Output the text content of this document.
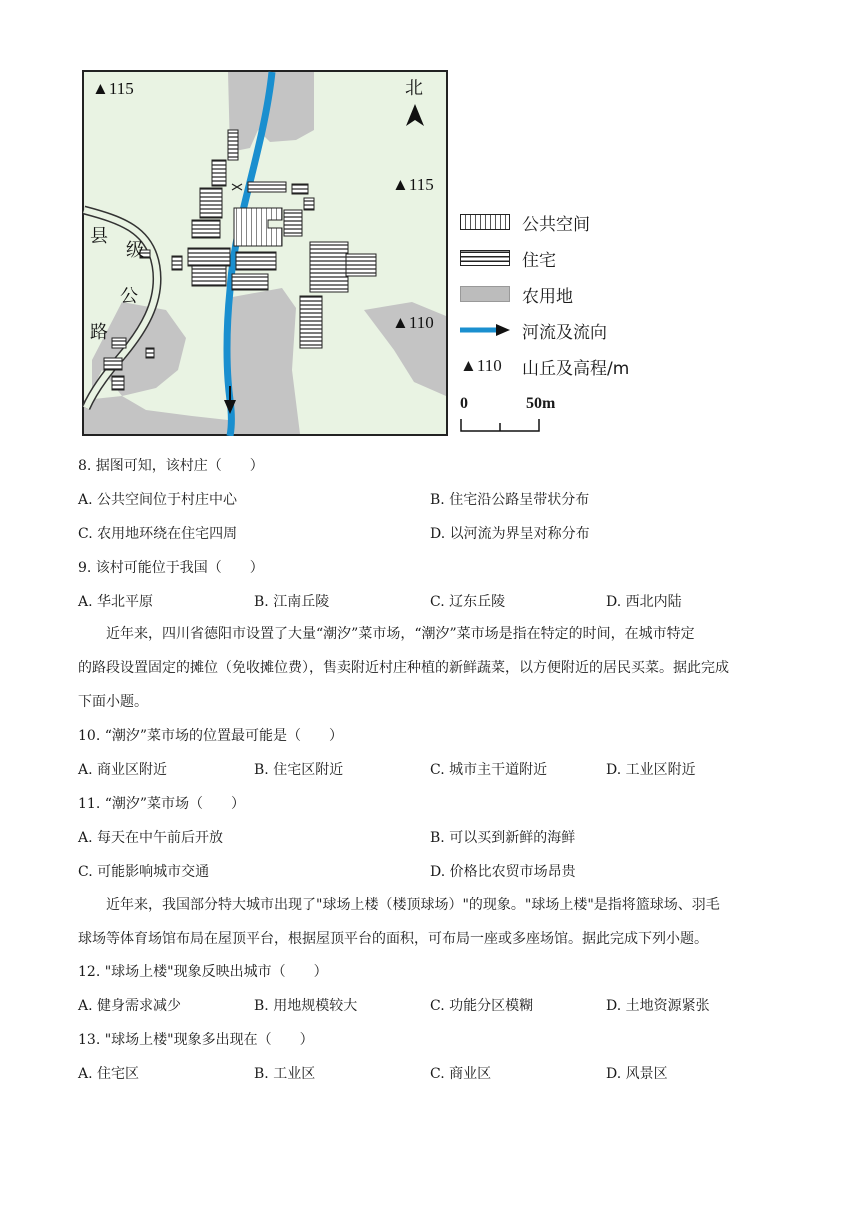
北
▲115
▲115
▲110
县
级
公
路
公共空间
住宅
农用地
河流及流向
▲110	山丘及高程/m
0	50m
8. 据图可知，该村庄（　　）
A. 公共空间位于村庄中心	B. 住宅沿公路呈带状分布
C. 农用地环绕在住宅四周	D. 以河流为界呈对称分布
9. 该村可能位于我国（　　）
A. 华北平原	B. 江南丘陵	C. 辽东丘陵	D. 西北内陆
近年来，四川省德阳市设置了大量“潮汐”菜市场，“潮汐”菜市场是指在特定的时间，在城市特定
的路段设置固定的摊位（免收摊位费），售卖附近村庄种植的新鲜蔬菜，以方便附近的居民买菜。据此完成
下面小题。
10. “潮汐”菜市场的位置最可能是（　　）
A. 商业区附近	B. 住宅区附近	C. 城市主干道附近	D. 工业区附近
11. “潮汐”菜市场（　　）
A. 每天在中午前后开放	B. 可以买到新鲜的海鲜
C. 可能影响城市交通	D. 价格比农贸市场昂贵
近年来，我国部分特大城市出现了"球场上楼（楼顶球场）"的现象。"球场上楼"是指将篮球场、羽毛
球场等体育场馆布局在屋顶平台，根据屋顶平台的面积，可布局一座或多座场馆。据此完成下列小题。
12. "球场上楼"现象反映出城市（　　）
A. 健身需求减少	B. 用地规模较大	C. 功能分区模糊	D. 土地资源紧张
13. "球场上楼"现象多出现在（　　）
A. 住宅区	B. 工业区	C. 商业区	D. 风景区
